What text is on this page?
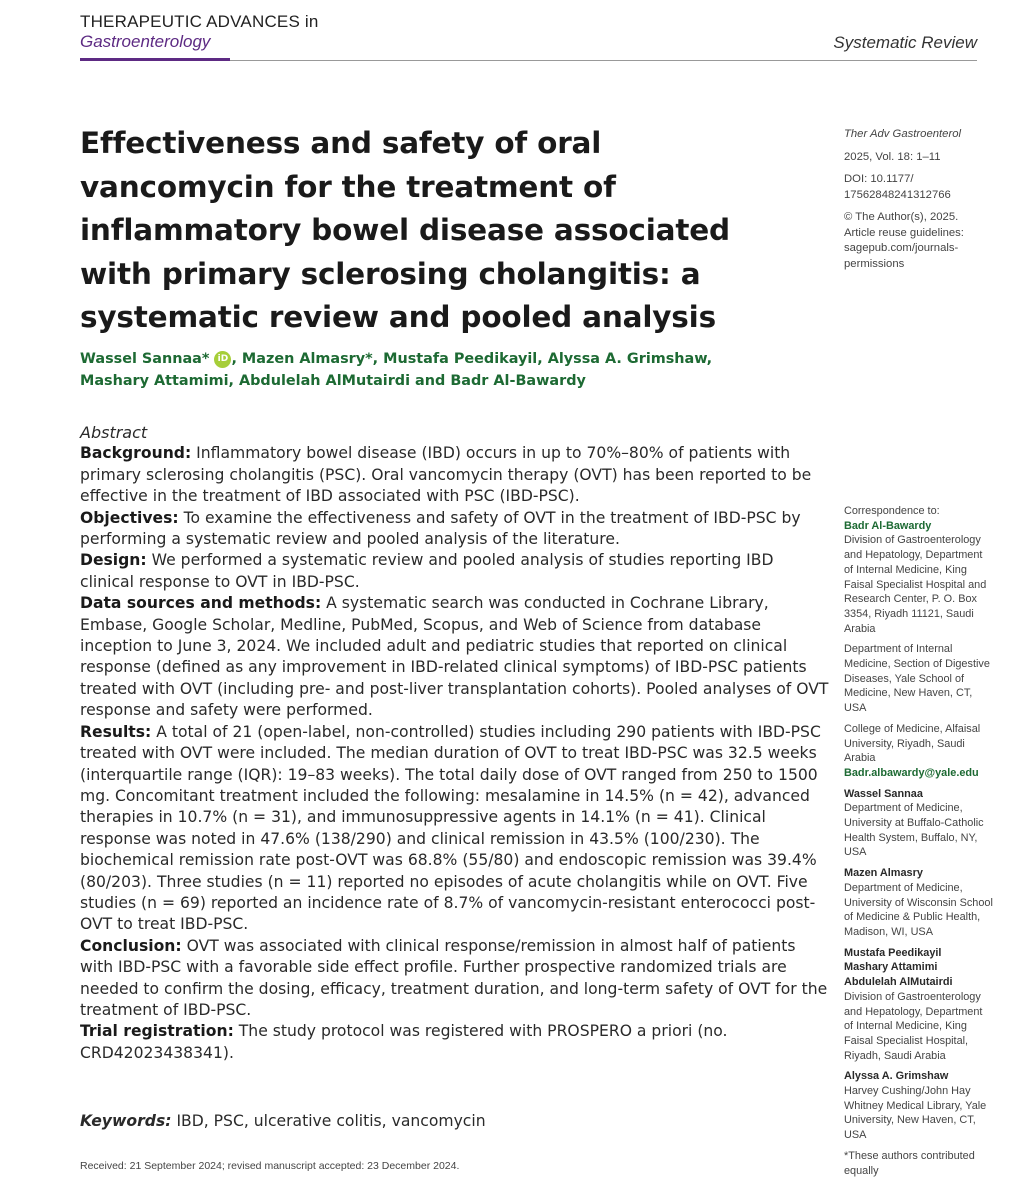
THERAPEUTIC ADVANCES in
Gastroenterology	Systematic Review
Effectiveness and safety of oral vancomycin for the treatment of inflammatory bowel disease associated with primary sclerosing cholangitis: a systematic review and pooled analysis

Ther Adv Gastroenterol

2025, Vol. 18: 1–11

DOI: 10.1177/
17562848241312766

© The Author(s), 2025.
Article reuse guidelines: sagepub.com/journals-permissions

Wassel Sannaa* iD , Mazen Almasry*, Mustafa Peedikayil, Alyssa A. Grimshaw,
Mashary Attamimi, Abdulelah AlMutairdi and Badr Al-Bawardy
Abstract

Background: Inflammatory bowel disease (IBD) occurs in up to 70%–80% of patients with primary sclerosing cholangitis (PSC). Oral vancomycin therapy (OVT) has been reported to be effective in the treatment of IBD associated with PSC (IBD-PSC).

Objectives: To examine the effectiveness and safety of OVT in the treatment of IBD-PSC by performing a systematic review and pooled analysis of the literature.

Design: We performed a systematic review and pooled analysis of studies reporting IBD clinical response to OVT in IBD-PSC.

Data sources and methods: A systematic search was conducted in Cochrane Library, Embase, Google Scholar, Medline, PubMed, Scopus, and Web of Science from database inception to June 3, 2024. We included adult and pediatric studies that reported on clinical response (defined as any improvement in IBD-related clinical symptoms) of IBD-PSC patients treated with OVT (including pre- and post-liver transplantation cohorts). Pooled analyses of OVT response and safety were performed.

Results: A total of 21 (open-label, non-controlled) studies including 290 patients with IBD-PSC treated with OVT were included. The median duration of OVT to treat IBD-PSC was 32.5 weeks (interquartile range (IQR): 19–83 weeks). The total daily dose of OVT ranged from 250 to 1500 mg. Concomitant treatment included the following: mesalamine in 14.5% (n = 42), advanced therapies in 10.7% (n = 31), and immunosuppressive agents in 14.1% (n = 41). Clinical response was noted in 47.6% (138/290) and clinical remission in 43.5% (100/230). The biochemical remission rate post-OVT was 68.8% (55/80) and endoscopic remission was 39.4% (80/203). Three studies (n = 11) reported no episodes of acute cholangitis while on OVT. Five studies (n = 69) reported an incidence rate of 8.7% of vancomycin-resistant enterococci post-OVT to treat IBD-PSC.

Conclusion: OVT was associated with clinical response/remission in almost half of patients with IBD-PSC with a favorable side effect profile. Further prospective randomized trials are needed to confirm the dosing, efficacy, treatment duration, and long-term safety of OVT for the treatment of IBD-PSC.

Trial registration: The study protocol was registered with PROSPERO a priori (no. CRD42023438341).

Keywords: IBD, PSC, ulcerative colitis, vancomycin
Received: 21 September 2024; revised manuscript accepted: 23 December 2024.
Correspondence to:
Badr Al-Bawardy
Division of Gastroenterology and Hepatology, Department of Internal Medicine, King Faisal Specialist Hospital and Research Center, P. O. Box 3354, Riyadh 11121, Saudi Arabia
Department of Internal Medicine, Section of Digestive Diseases, Yale School of Medicine, New Haven, CT, USA
College of Medicine, Alfaisal University, Riyadh, Saudi Arabia
Badr.albawardy@yale.edu
Wassel Sannaa
Department of Medicine, University at Buffalo-Catholic Health System, Buffalo, NY, USA
Mazen Almasry
Department of Medicine, University of Wisconsin School of Medicine & Public Health, Madison, WI, USA
Mustafa Peedikayil
Mashary Attamimi
Abdulelah AlMutairdi
Division of Gastroenterology and Hepatology, Department of Internal Medicine, King Faisal Specialist Hospital, Riyadh, Saudi Arabia
Alyssa A. Grimshaw
Harvey Cushing/John Hay Whitney Medical Library, Yale University, New Haven, CT, USA
*These authors contributed equally
